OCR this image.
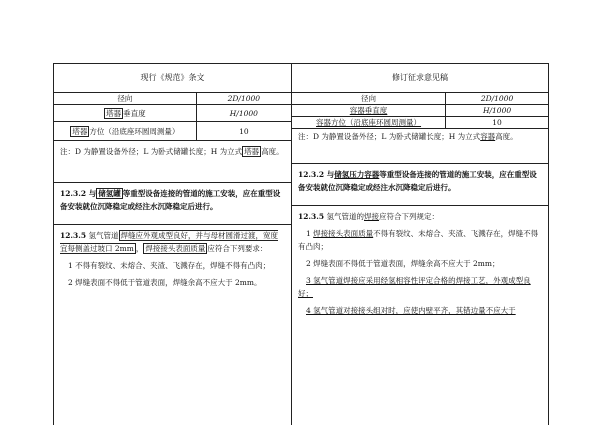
现行《规范》条文
径向	2D/1000
塔器 垂直度	H/1000
塔器 方位（沿底座环圆周测量）	10
注：D 为静置设备外径；L 为卧式储罐长度；H 为立式 塔器 高度。
12.3.2 与 储氢罐 等重型设备连接的管道的施工安装，应在重型设备安装就位沉降稳定或经注水沉降稳定后进行。

12.3.5 氢气管道 焊缝应外观成型良好，并与母材圆滑过渡，宽度宜每侧盖过坡口 2mm ， 焊接接头表面质量 应符合下列要求：

1 不得有裂纹、未熔合、夹渣、飞溅存在，焊缝不得有凸肉；

2 焊缝表面不得低于管道表面，焊缝余高不应大于 2mm。

修订征求意见稿
径向	2D/1000
容器垂直度	H/1000
容器方位（沿底座环圆周测量）	10
注：D 为静置设备外径；L 为卧式储罐长度；H 为立式容器高度。
12.3.2 与储氢压力容器等重型设备连接的管道的施工安装，应在重型设备安装就位沉降稳定或经注水沉降稳定后进行。

12.3.5 氢气管道的焊接应符合下列规定：

1 焊接接头表面质量不得有裂纹、未熔合、夹渣、飞溅存在，焊缝不得有凸肉；

2 焊缝表面不得低于管道表面，焊缝余高不应大于 2mm；

3 氢气管道焊接应采用经氢相容性评定合格的焊接工艺，外观成型良好；

4 氢气管道对接接头组对时，应使内壁平齐，其错边量不应大于
